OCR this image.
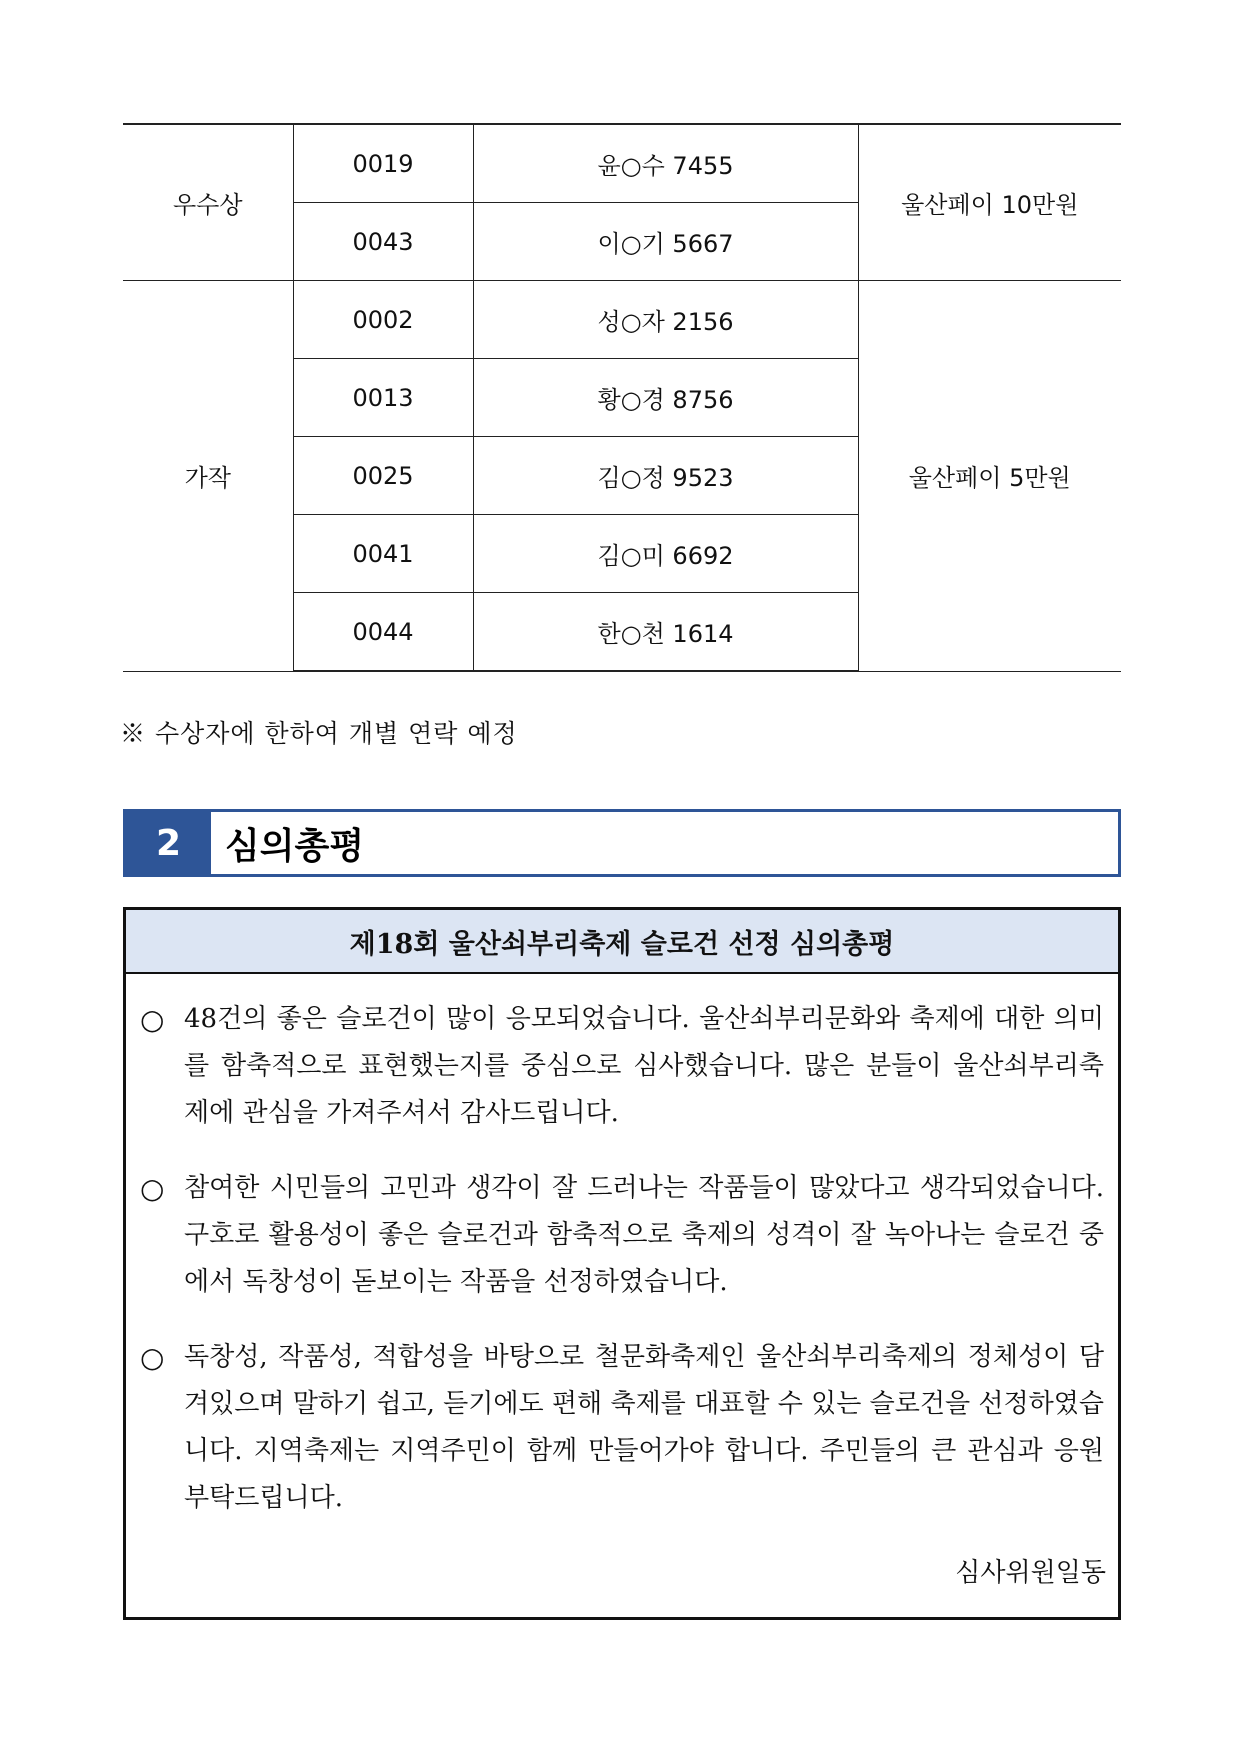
우수상	0019	윤○수 7455	울산페이 10만원
	0043	이○기 5667	
가작	0002	성○자 2156	울산페이 5만원
	0013	황○경 8756	
	0025	김○정 9523	
	0041	김○미 6692	
	0044	한○천 1614	
※ 수상자에 한하여 개별 연락 예정
2	심의총평
제18회 울산쇠부리축제 슬로건 선정 심의총평
○ 48건의 좋은 슬로건이 많이 응모되었습니다. 울산쇠부리문화와 축제에 대한 의미를 함축적으로 표현했는지를 중심으로 심사했습니다. 많은 분들이 울산쇠부리축제에 관심을 가져주셔서 감사드립니다.
○ 참여한 시민들의 고민과 생각이 잘 드러나는 작품들이 많았다고 생각되었습니다. 구호로 활용성이 좋은 슬로건과 함축적으로 축제의 성격이 잘 녹아나는 슬로건 중에서 독창성이 돋보이는 작품을 선정하였습니다.
○ 독창성, 작품성, 적합성을 바탕으로 철문화축제인 울산쇠부리축제의 정체성이 담겨있으며 말하기 쉽고, 듣기에도 편해 축제를 대표할 수 있는 슬로건을 선정하였습니다. 지역축제는 지역주민이 함께 만들어가야 합니다. 주민들의 큰 관심과 응원 부탁드립니다.
심사위원일동
